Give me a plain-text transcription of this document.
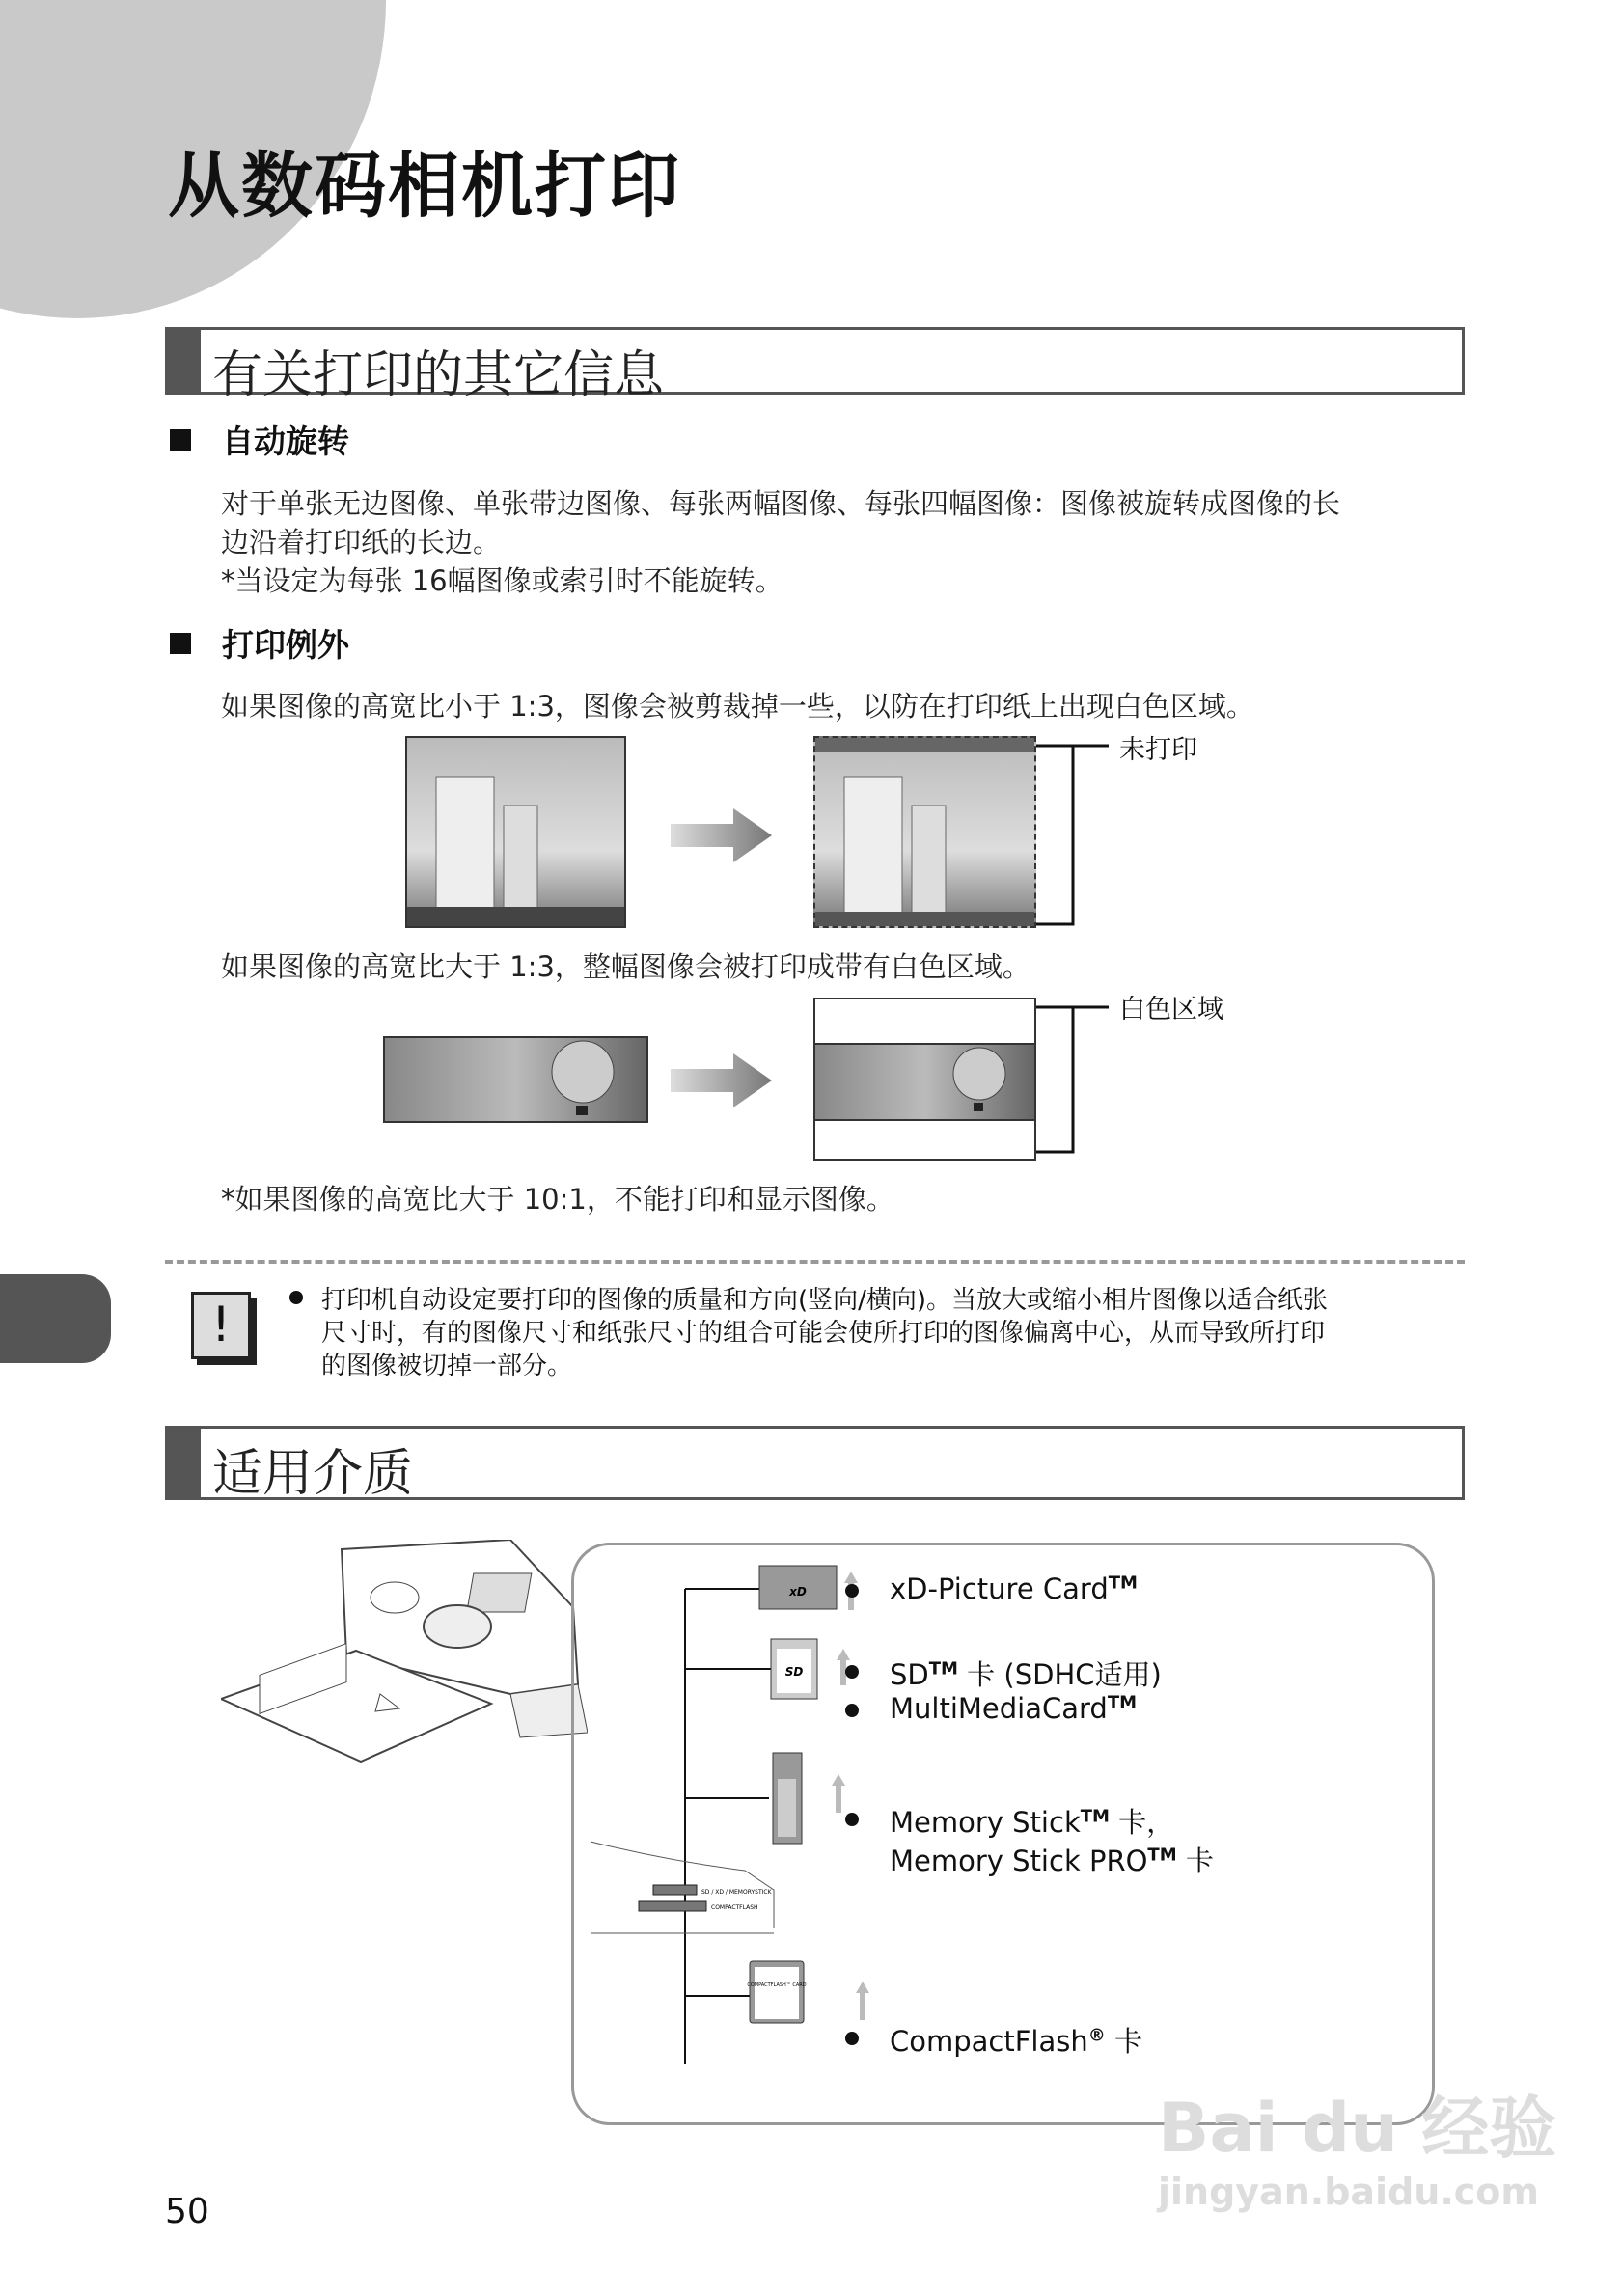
从数码相机打印
有关打印的其它信息
自动旋转
对于单张无边图像、单张带边图像、每张两幅图像、每张四幅图像：图像被旋转成图像的长
边沿着打印纸的长边。
*当设定为每张 16幅图像或索引时不能旋转。
打印例外
如果图像的高宽比小于 1:3，图像会被剪裁掉一些，以防在打印纸上出现白色区域。
未打印
如果图像的高宽比大于 1:3，整幅图像会被打印成带有白色区域。
白色区域
*如果图像的高宽比大于 10:1，不能打印和显示图像。
!	打印机自动设定要打印的图像的质量和方向(竖向/横向)。当放大或缩小相片图像以适合纸张
尺寸时，有的图像尺寸和纸张尺寸的组合可能会使所打印的图像偏离中心，从而导致所打印
的图像被切掉一部分。
适用介质
xD
SD
COMPACTFLASH™ CARD
SD / XD / MEMORYSTICK
COMPACTFLASH
xD-Picture Card™
SD™ 卡 (SDHC适用)
MultiMediaCard™
Memory Stick™ 卡，
Memory Stick PRO™ 卡
CompactFlash® 卡
50
Bai du 经验
jingyan.baidu.com
